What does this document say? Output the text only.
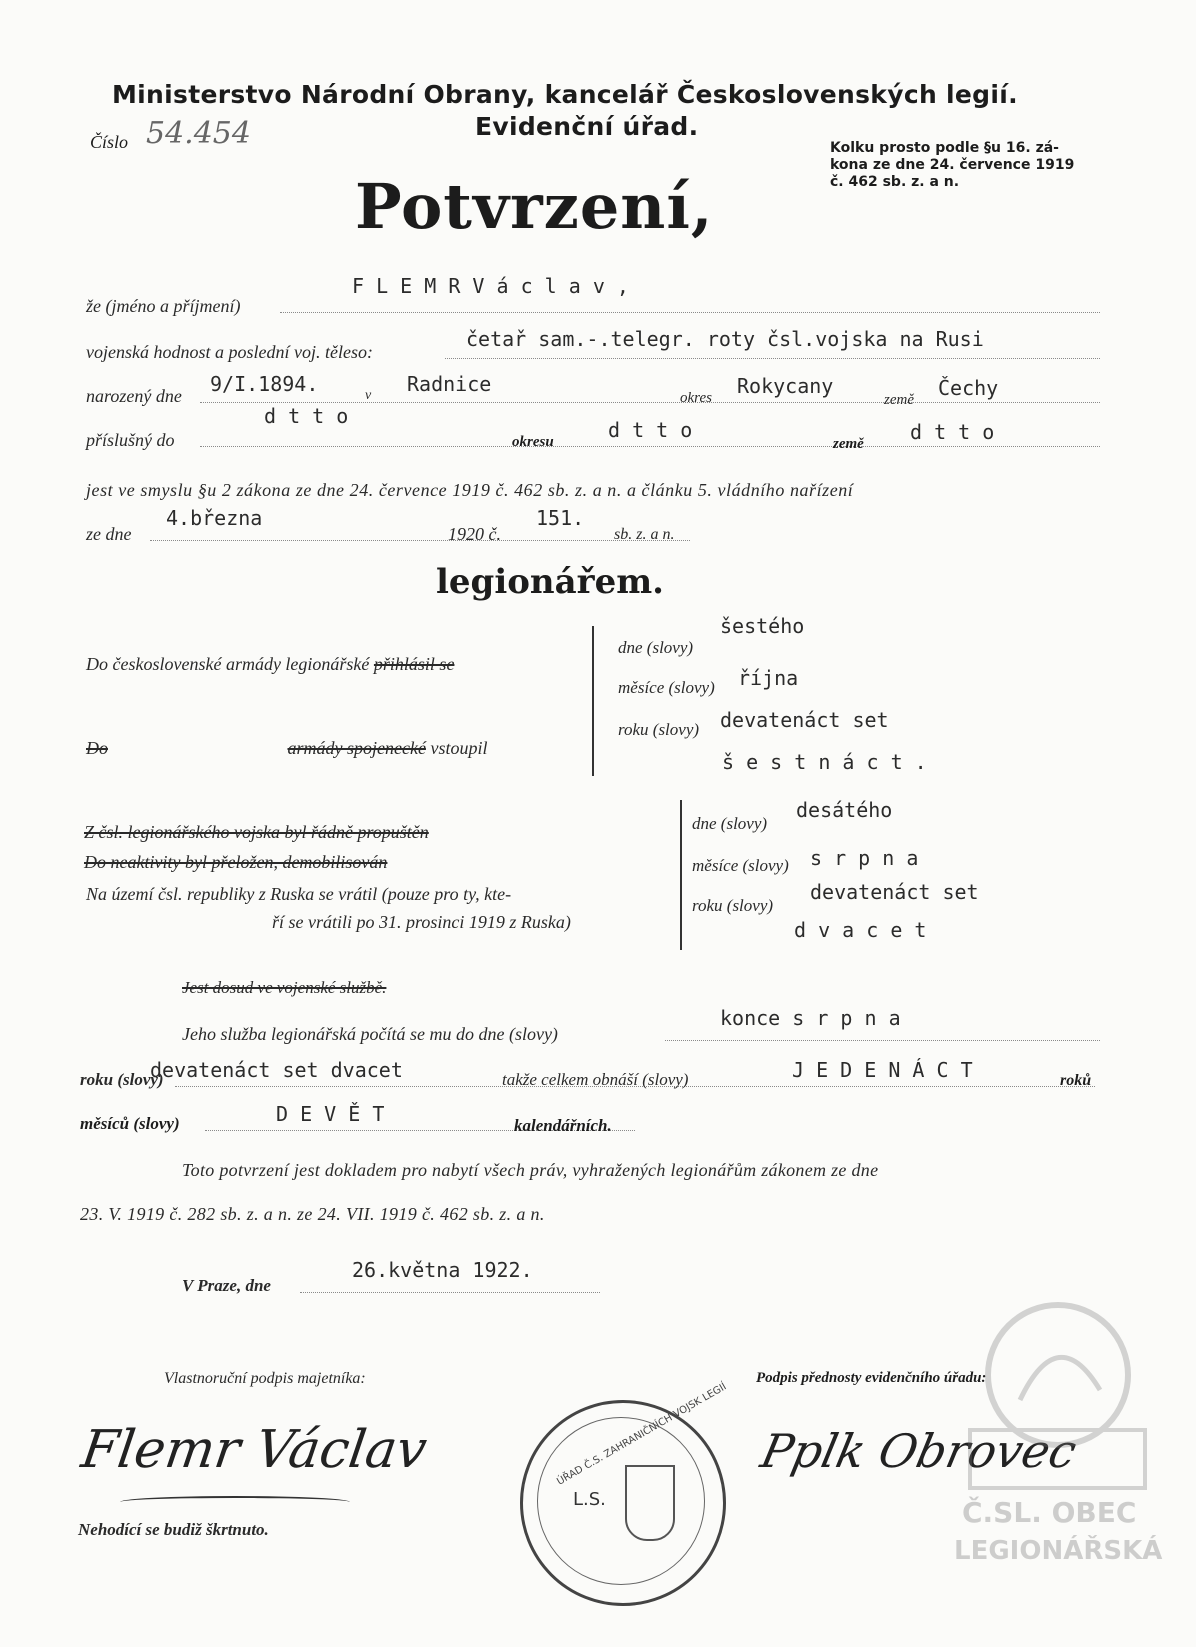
Ministerstvo Národní Obrany, kancelář Československých legií.
Evidenční úřad.
Číslo 54.454	Kolku prosto podle §u 16. zá-
kona ze dne 24. července 1919
č. 462 sb. z. a n.
Potvrzení,
že (jméno a příjmení)
F L E M R V á c l a v ,
vojenská hodnost a poslední voj. těleso:
četař sam.-.telegr. roty čsl.vojska na Rusi
narozený dne 9/I.1894.	v Radnice
okres Rokycany
země Čechy
příslušný do
d t t o
okresu	d t t o
země d t t o
jest ve smyslu §u 2 zákona ze dne 24. července 1919 č. 462 sb. z. a n. a článku 5. vládního nařízení
ze dne
4.března
1920 č.
151.
sb. z. a n.
legionářem.
Do československé armády legionářské přihlásil se
Do	armády spojenecké vstoupil
dne (slovy)
šestého
měsíce (slovy) října
roku (slovy) devatenáct set
š e s t n á c t .
Z čsl. legionářského vojska byl řádně propuštěn
Do neaktivity byl přeložen, demobilisován
Na území čsl. republiky z Ruska se vrátil (pouze pro ty, kte-
ří se vrátili po 31. prosinci 1919 z Ruska)
dne (slovy)
desátého
měsíce (slovy) s r p n a
roku (slovy)
devatenáct set
d v a c e t
Jest dosud ve vojenské službě.
Jeho služba legionářská počítá se mu do dne (slovy)
konce s r p n a
roku (slovy)
devatenáct set dvacet	takže celkem obnáší (slovy)	J E D E N Á C T	roků
měsíců (slovy)	D E V Ě T	kalendářních.
Toto potvrzení jest dokladem pro nabytí všech práv, vyhražených legionářům zákonem ze dne
23. V. 1919 č. 282 sb. z. a n. ze 24. VII. 1919 č. 462 sb. z. a n.
V Praze, dne
26.května 1922.
Vlastnoruční podpis majetníka:
Flemr Václav
Nehodící se budiž škrtnuto.
Podpis přednosty evidenčního úřadu:
Pplk Obrovec
ÚŘAD Č.S. ZAHRANIČNÍCH VOJSK LEGIÍ
L.S.	Č.SL. OBEC
LEGIONÁŘSKÁ
